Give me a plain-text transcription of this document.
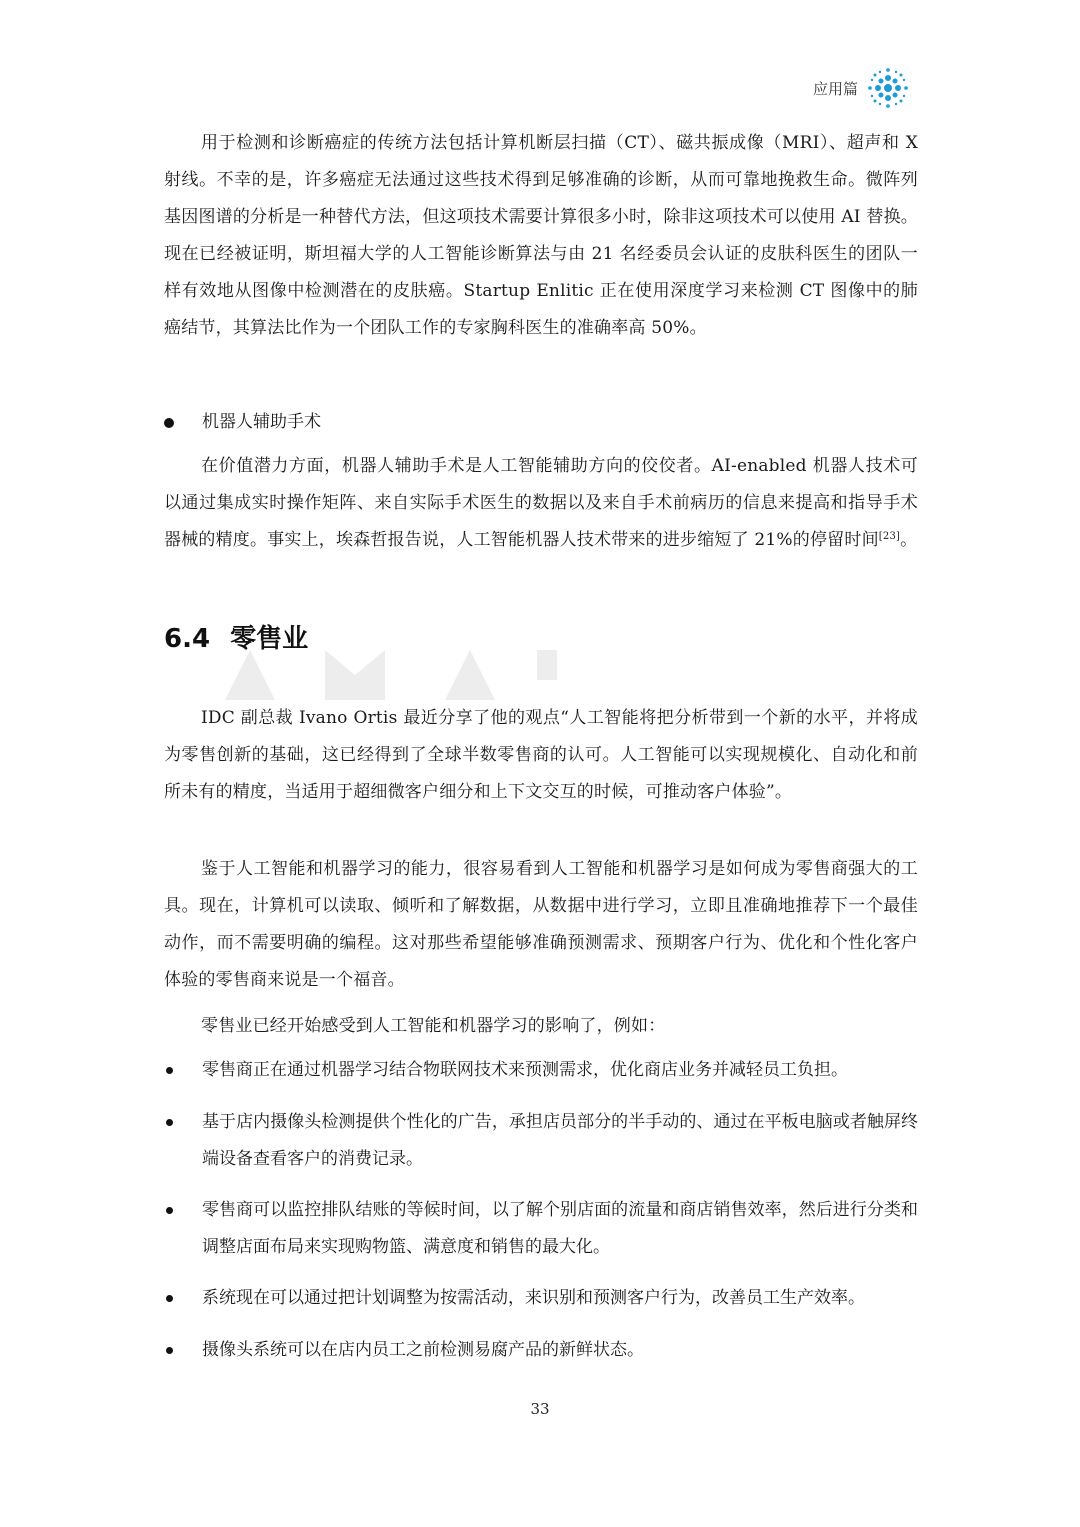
应用篇

用于检测和诊断癌症的传统方法包括计算机断层扫描（CT）、磁共振成像（MRI）、超声和 X 射线。不幸的是，许多癌症无法通过这些技术得到足够准确的诊断，从而可靠地挽救生命。微阵列基因图谱的分析是一种替代方法，但这项技术需要计算很多小时，除非这项技术可以使用 AI 替换。现在已经被证明，斯坦福大学的人工智能诊断算法与由 21 名经委员会认证的皮肤科医生的团队一样有效地从图像中检测潜在的皮肤癌。Startup Enlitic 正在使用深度学习来检测 CT 图像中的肺癌结节，其算法比作为一个团队工作的专家胸科医生的准确率高 50%。

机器人辅助手术

在价值潜力方面，机器人辅助手术是人工智能辅助方向的佼佼者。AI-enabled 机器人技术可以通过集成实时操作矩阵、来自实际手术医生的数据以及来自手术前病历的信息来提高和指导手术器械的精度。事实上，埃森哲报告说，人工智能机器人技术带来的进步缩短了 21%的停留时间[23]。

6.4 零售业

IDC 副总裁 Ivano Ortis 最近分享了他的观点“人工智能将把分析带到一个新的水平，并将成为零售创新的基础，这已经得到了全球半数零售商的认可。人工智能可以实现规模化、自动化和前所未有的精度，当适用于超细微客户细分和上下文交互的时候，可推动客户体验”。

鉴于人工智能和机器学习的能力，很容易看到人工智能和机器学习是如何成为零售商强大的工具。现在，计算机可以读取、倾听和了解数据，从数据中进行学习，立即且准确地推荐下一个最佳动作，而不需要明确的编程。这对那些希望能够准确预测需求、预期客户行为、优化和个性化客户体验的零售商来说是一个福音。

零售业已经开始感受到人工智能和机器学习的影响了，例如：

零售商正在通过机器学习结合物联网技术来预测需求，优化商店业务并减轻员工负担。
基于店内摄像头检测提供个性化的广告，承担店员部分的半手动的、通过在平板电脑或者触屏终端设备查看客户的消费记录。
零售商可以监控排队结账的等候时间，以了解个别店面的流量和商店销售效率，然后进行分类和调整店面布局来实现购物篮、满意度和销售的最大化。
系统现在可以通过把计划调整为按需活动，来识别和预测客户行为，改善员工生产效率。
摄像头系统可以在店内员工之前检测易腐产品的新鲜状态。
33
